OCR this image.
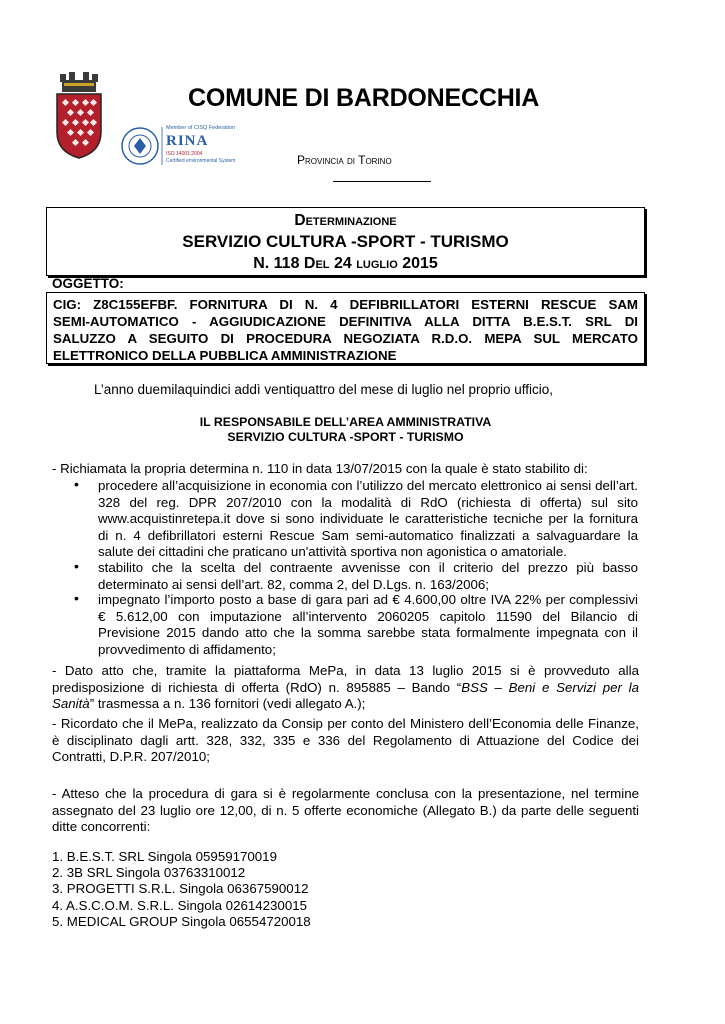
Member of CISQ Federation
RINA
ISO 14001:2004
Certified environmental System
COMUNE DI BARDONECCHIA
Provincia di Torino
Determinazione
SERVIZIO CULTURA -SPORT - TURISMO
N. 118 Del 24 luglio 2015
OGGETTO:
CIG: Z8C155EFBF. FORNITURA DI N. 4 DEFIBRILLATORI ESTERNI RESCUE SAM
SEMI-AUTOMATICO - AGGIUDICAZIONE DEFINITIVA ALLA DITTA B.E.S.T. SRL DI
SALUZZO A SEGUITO DI PROCEDURA NEGOZIATA R.D.O. MEPA SUL MERCATO
ELETTRONICO DELLA PUBBLICA AMMINISTRAZIONE
L’anno duemilaquindici addì ventiquattro del mese di luglio nel proprio ufficio,
IL RESPONSABILE DELL’AREA AMMINISTRATIVA
SERVIZIO CULTURA -SPORT - TURISMO
- Richiamata la propria determina n. 110 in data 13/07/2015 con la quale è stato stabilito di:
• procedere all’acquisizione in economia con l’utilizzo del mercato elettronico ai sensi dell’art.
328 del reg. DPR 207/2010 con la modalità di RdO (richiesta di offerta) sul sito
www.acquistinretepa.it dove si sono individuate le caratteristiche tecniche per la fornitura
di n. 4 defibrillatori esterni Rescue Sam semi-automatico finalizzati a salvaguardare la
salute dei cittadini che praticano un'attività sportiva non agonistica o amatoriale.
• stabilito che la scelta del contraente avvenisse con il criterio del prezzo più basso
determinato ai sensi dell’art. 82, comma 2, del D.Lgs. n. 163/2006;
• impegnato l’importo posto a base di gara pari ad € 4.600,00 oltre IVA 22% per complessivi
€ 5.612,00 con imputazione all’intervento 2060205 capitolo 11590 del Bilancio di
Previsione 2015 dando atto che la somma sarebbe stata formalmente impegnata con il
provvedimento di affidamento;
- Dato atto che, tramite la piattaforma MePa, in data 13 luglio 2015 si è provveduto alla
predisposizione di richiesta di offerta (RdO) n. 895885 – Bando “BSS – Beni e Servizi per la
Sanità” trasmessa a n. 136 fornitori (vedi allegato A.);
- Ricordato che il MePa, realizzato da Consip per conto del Ministero dell’Economia delle Finanze,
è disciplinato dagli artt. 328, 332, 335 e 336 del Regolamento di Attuazione del Codice dei
Contratti, D.P.R. 207/2010;
- Atteso che la procedura di gara si è regolarmente conclusa con la presentazione, nel termine
assegnato del 23 luglio ore 12,00, di n. 5 offerte economiche (Allegato B.) da parte delle seguenti
ditte concorrenti:
1. B.E.S.T. SRL Singola 05959170019
2. 3B SRL Singola 03763310012
3. PROGETTI S.R.L. Singola 06367590012
4. A.S.C.O.M. S.R.L. Singola 02614230015
5. MEDICAL GROUP Singola 06554720018
